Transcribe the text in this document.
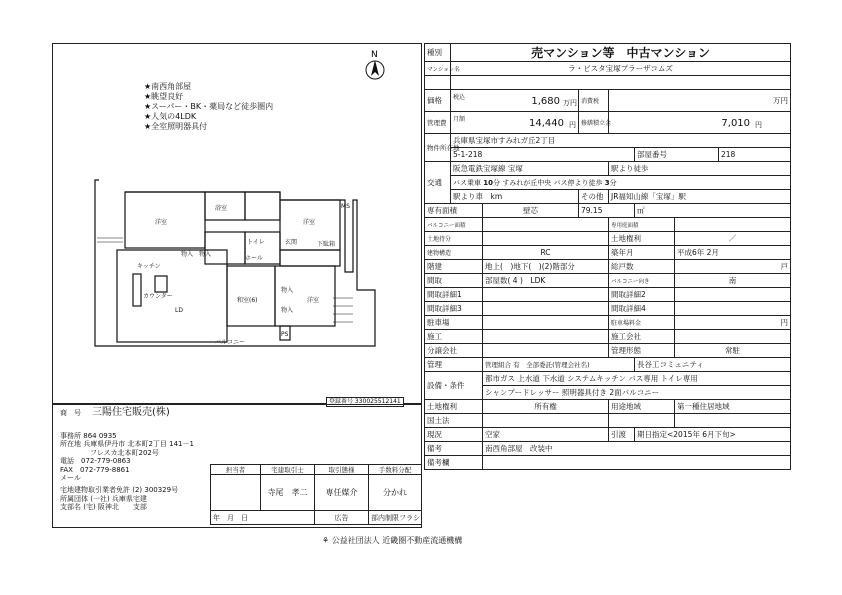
N
★南西角部屋
★眺望良好
★スーパー・BK・薬局など徒歩圏内
★人気の4LDK
★全室照明器具付
洋室	洋室
キッチン
カウンター
LD
和室(6)	洋室
バルコニー
物入 物入
物入
物入
ホール
トイレ
浴室
玄関	下駄箱
MS
PS
登録番号 330025512141
商　号 三陽住宅販売(株)
事務所 864 0935
所在地 兵庫県伊丹市 北本町2丁目 141－1
フレスカ北本町202号
電話　 072-779-0863
FAX　 072-779-8861
メール
宅地建物取引業者免許 (2) 300329号
所属団体 (一社) 兵庫県宅建
支部名 (宅) 阪神北　　支部
担当者	宅建取引士	取引態様	手数料分配
	寺尾　孝二	専任媒介	分かれ
年　月　日		広告	部内制限フラシ
種別	売マンション等　中古マンション						
マンション名	ラ・ビスタ宝塚プラーザコムズ						

価格	税込 1,680 万円		消費税	万円			
管理費	月額 14,440 円		修繕積立金	7,010 円			

物件所在地	兵庫県宝塚市すみれガ丘2丁目						
	5-1-218				部屋番号		218
交通	阪急電鉄宝塚線 宝塚			駅より徒歩			
	バス乗車 10分 すみれが丘中央 バス停より徒歩 3分						
	駅より車　 km		その他	JR福知山線「宝塚」駅			
専有面積		壁芯	79.15		㎡		
バルコニー面積				専用庭面積			
土地持分				土地権利		／	
建物構造		RC		築年月		平成6年 2月	
階建		地上(　)地下(　)(2)階部分		総戸数		戸	
間取		部屋数( 4 )　LDK		バルコニー向き		南	
間取詳細1				間取詳細2			
間取詳細3				間取詳細4			
駐車場				駐車場料金		円	
施工				施工会社			
分譲会社				管理形態		常駐	
管理		管理組合 有　全部委託(管理会社名)			長谷工コミュニティ		
設備・条件		都市ガス 上水道 下水道 システムキッチン バス専用 トイレ専用					
		シャンプードレッサー 照明器具付き 2面バルコニー					
土地権利		所有権		用途地域		第一種住居地域	
国土法							
現況		空家		引渡	期日指定<2015年 6月下旬>		
備考		南西角部屋　改装中					
備考欄							
⚘ 公益社団法人 近畿圏不動産流通機構
